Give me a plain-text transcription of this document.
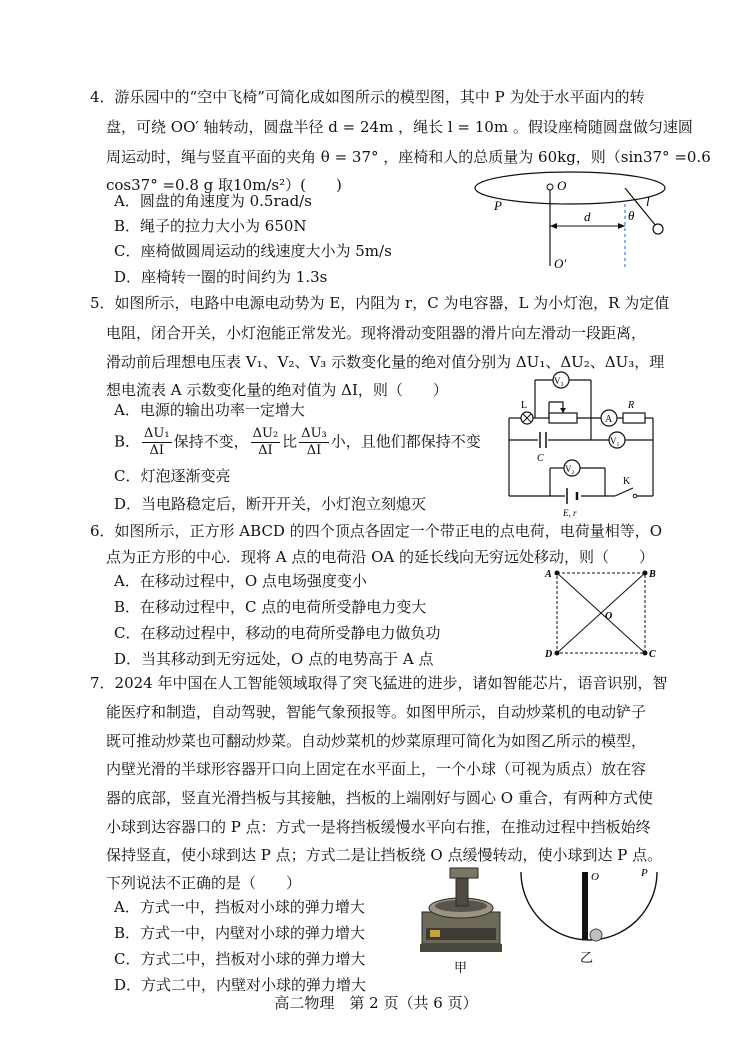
4．游乐园中的“空中飞椅”可简化成如图所示的模型图，其中 P 为处于水平面内的转
盘，可绕 OO′ 轴转动，圆盘半径 d = 24m ，绳长 l = 10m 。假设座椅随圆盘做匀速圆
周运动时，绳与竖直平面的夹角 θ = 37° ，座椅和人的总质量为 60kg，则（sin37° =0.6
cos37° =0.8 g 取10m/s²）(　　)
A．圆盘的角速度为 0.5rad/s
B．绳子的拉力大小为 650N
C．座椅做圆周运动的线速度大小为 5m/s
D．座椅转一圈的时间约为 1.3s
O
P
d
l
θ
O′
5．如图所示，电路中电源电动势为 E，内阻为 r，C 为电容器，L 为小灯泡，R 为定值
电阻，闭合开关，小灯泡能正常发光。现将滑动变阻器的滑片向左滑动一段距离，
滑动前后理想电压表 V₁、V₂、V₃ 示数变化量的绝对值分别为 ΔU₁、ΔU₂、ΔU₃，理
想电流表 A 示数变化量的绝对值为 ΔI，则（　　）
A．电源的输出功率一定增大
B． $\frac{\text{ΔU₁}}{\Delta I}$ 保持不变， $\frac{\text{ΔU₂}}{\Delta I}$ 比 $\frac{\text{ΔU₃}}{\Delta I}$ 小，且他们都保持不变
C．灯泡逐渐变亮
D．当电路稳定后，断开开关，小灯泡立刻熄灭
V₃
L
A
R
C
V₁
V₂
K
E, r
6．如图所示，正方形 ABCD 的四个顶点各固定一个带正电的点电荷，电荷量相等，O
点为正方形的中心．现将 A 点的电荷沿 OA 的延长线向无穷远处移动，则（　　）
A．在移动过程中，O 点电场强度变小
B．在移动过程中，C 点的电荷所受静电力变大
C．在移动过程中，移动的电荷所受静电力做负功
D．当其移动到无穷远处，O 点的电势高于 A 点
A	B
C
D
O
7．2024 年中国在人工智能领域取得了突飞猛进的进步，诸如智能芯片，语音识别，智
能医疗和制造，自动驾驶，智能气象预报等。如图甲所示，自动炒菜机的电动铲子
既可推动炒菜也可翻动炒菜。自动炒菜机的炒菜原理可简化为如图乙所示的模型，
内壁光滑的半球形容器开口向上固定在水平面上，一个小球（可视为质点）放在容
器的底部，竖直光滑挡板与其接触，挡板的上端刚好与圆心 O 重合，有两种方式使
小球到达容器口的 P 点：方式一是将挡板缓慢水平向右推，在推动过程中挡板始终
保持竖直，使小球到达 P 点；方式二是让挡板绕 O 点缓慢转动，使小球到达 P 点。
下列说法不正确的是（　　）
A．方式一中，挡板对小球的弹力增大
B．方式一中，内壁对小球的弹力增大
C．方式二中，挡板对小球的弹力增大
D．方式二中，内壁对小球的弹力增大
甲
O	P
乙
高二物理　第 2 页（共 6 页）
